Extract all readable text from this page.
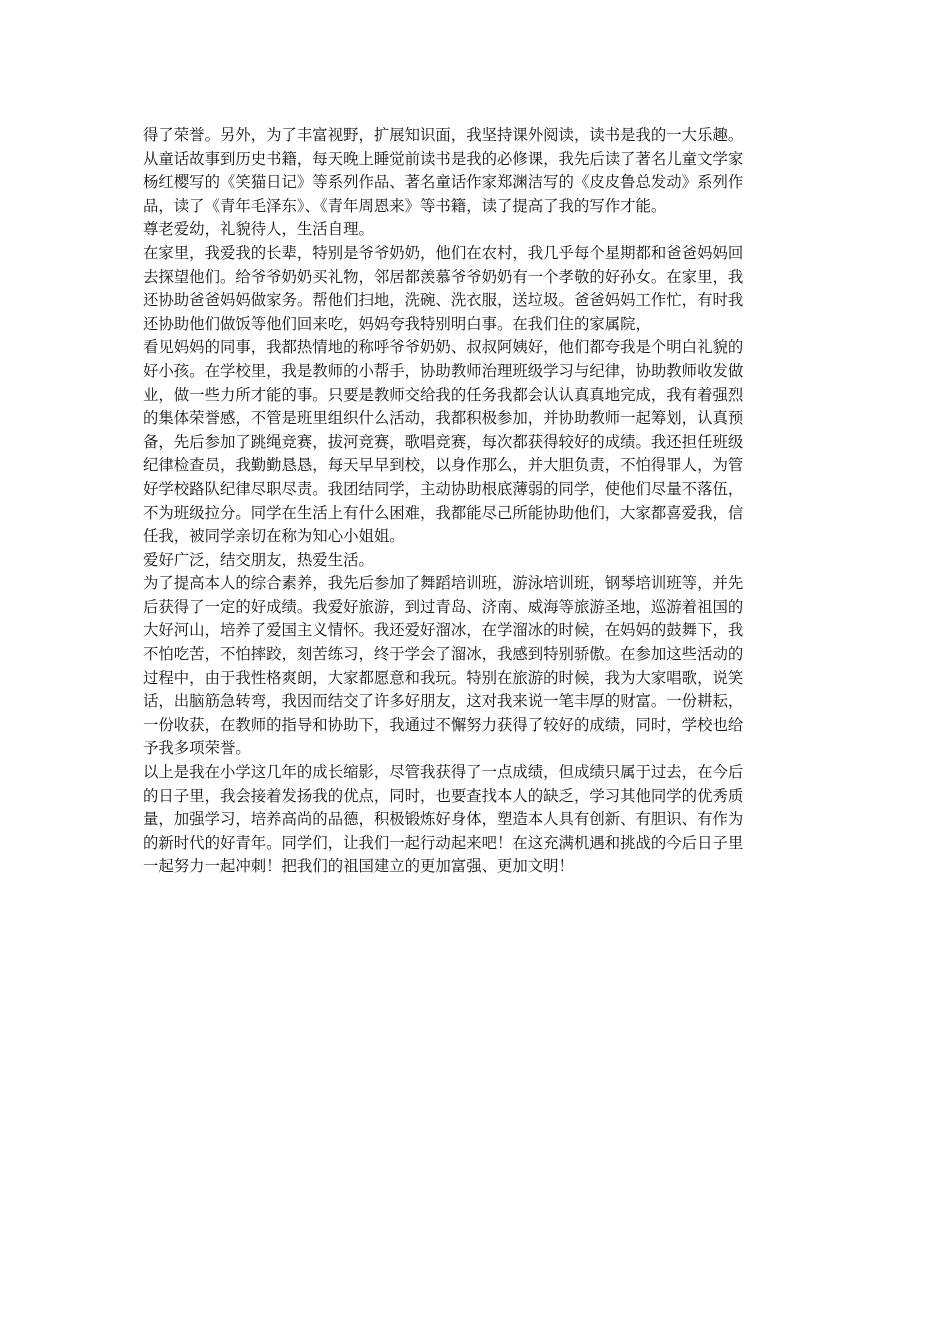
得了荣誉。另外，为了丰富视野，扩展知识面，我坚持课外阅读，读书是我的一大乐趣。

从童话故事到历史书籍，每天晚上睡觉前读书是我的必修课，我先后读了著名儿童文学家

杨红樱写的《笑猫日记》等系列作品、著名童话作家郑渊洁写的《皮皮鲁总发动》系列作

品，读了《青年毛泽东》、《青年周恩来》等书籍，读了提高了我的写作才能。

尊老爱幼，礼貌待人，生活自理。

在家里，我爱我的长辈，特别是爷爷奶奶，他们在农村，我几乎每个星期都和爸爸妈妈回

去探望他们。给爷爷奶奶买礼物，邻居都羡慕爷爷奶奶有一个孝敬的好孙女。在家里，我

还协助爸爸妈妈做家务。帮他们扫地，洗碗、洗衣服，送垃圾。爸爸妈妈工作忙，有时我

还协助他们做饭等他们回来吃，妈妈夸我特别明白事。在我们住的家属院，

看见妈妈的同事，我都热情地的称呼爷爷奶奶、叔叔阿姨好，他们都夸我是个明白礼貌的

好小孩。在学校里，我是教师的小帮手，协助教师治理班级学习与纪律，协助教师收发做

业，做一些力所才能的事。只要是教师交给我的任务我都会认认真真地完成，我有着强烈

的集体荣誉感，不管是班里组织什么活动，我都积极参加，并协助教师一起筹划，认真预

备，先后参加了跳绳竞赛，拔河竞赛，歌唱竞赛，每次都获得较好的成绩。我还担任班级

纪律检查员，我勤勤恳恳，每天早早到校，以身作那么，并大胆负责，不怕得罪人，为管

好学校路队纪律尽职尽责。我团结同学，主动协助根底薄弱的同学，使他们尽量不落伍，

不为班级拉分。同学在生活上有什么困难，我都能尽己所能协助他们，大家都喜爱我，信

任我，被同学亲切在称为知心小姐姐。

爱好广泛，结交朋友，热爱生活。

为了提高本人的综合素养，我先后参加了舞蹈培训班，游泳培训班，钢琴培训班等，并先

后获得了一定的好成绩。我爱好旅游，到过青岛、济南、威海等旅游圣地，巡游着祖国的

大好河山，培养了爱国主义情怀。我还爱好溜冰，在学溜冰的时候，在妈妈的鼓舞下，我

不怕吃苦，不怕摔跤，刻苦练习，终于学会了溜冰，我感到特别骄傲。在参加这些活动的

过程中，由于我性格爽朗，大家都愿意和我玩。特别在旅游的时候，我为大家唱歌，说笑

话，出脑筋急转弯，我因而结交了许多好朋友，这对我来说一笔丰厚的财富。一份耕耘，

一份收获，在教师的指导和协助下，我通过不懈努力获得了较好的成绩，同时，学校也给

予我多项荣誉。

以上是我在小学这几年的成长缩影，尽管我获得了一点成绩，但成绩只属于过去，在今后

的日子里，我会接着发扬我的优点，同时，也要查找本人的缺乏，学习其他同学的优秀质

量，加强学习，培养高尚的品德，积极锻炼好身体，塑造本人具有创新、有胆识、有作为

的新时代的好青年。同学们，让我们一起行动起来吧！在这充满机遇和挑战的今后日子里

一起努力一起冲刺！把我们的祖国建立的更加富强、更加文明！
